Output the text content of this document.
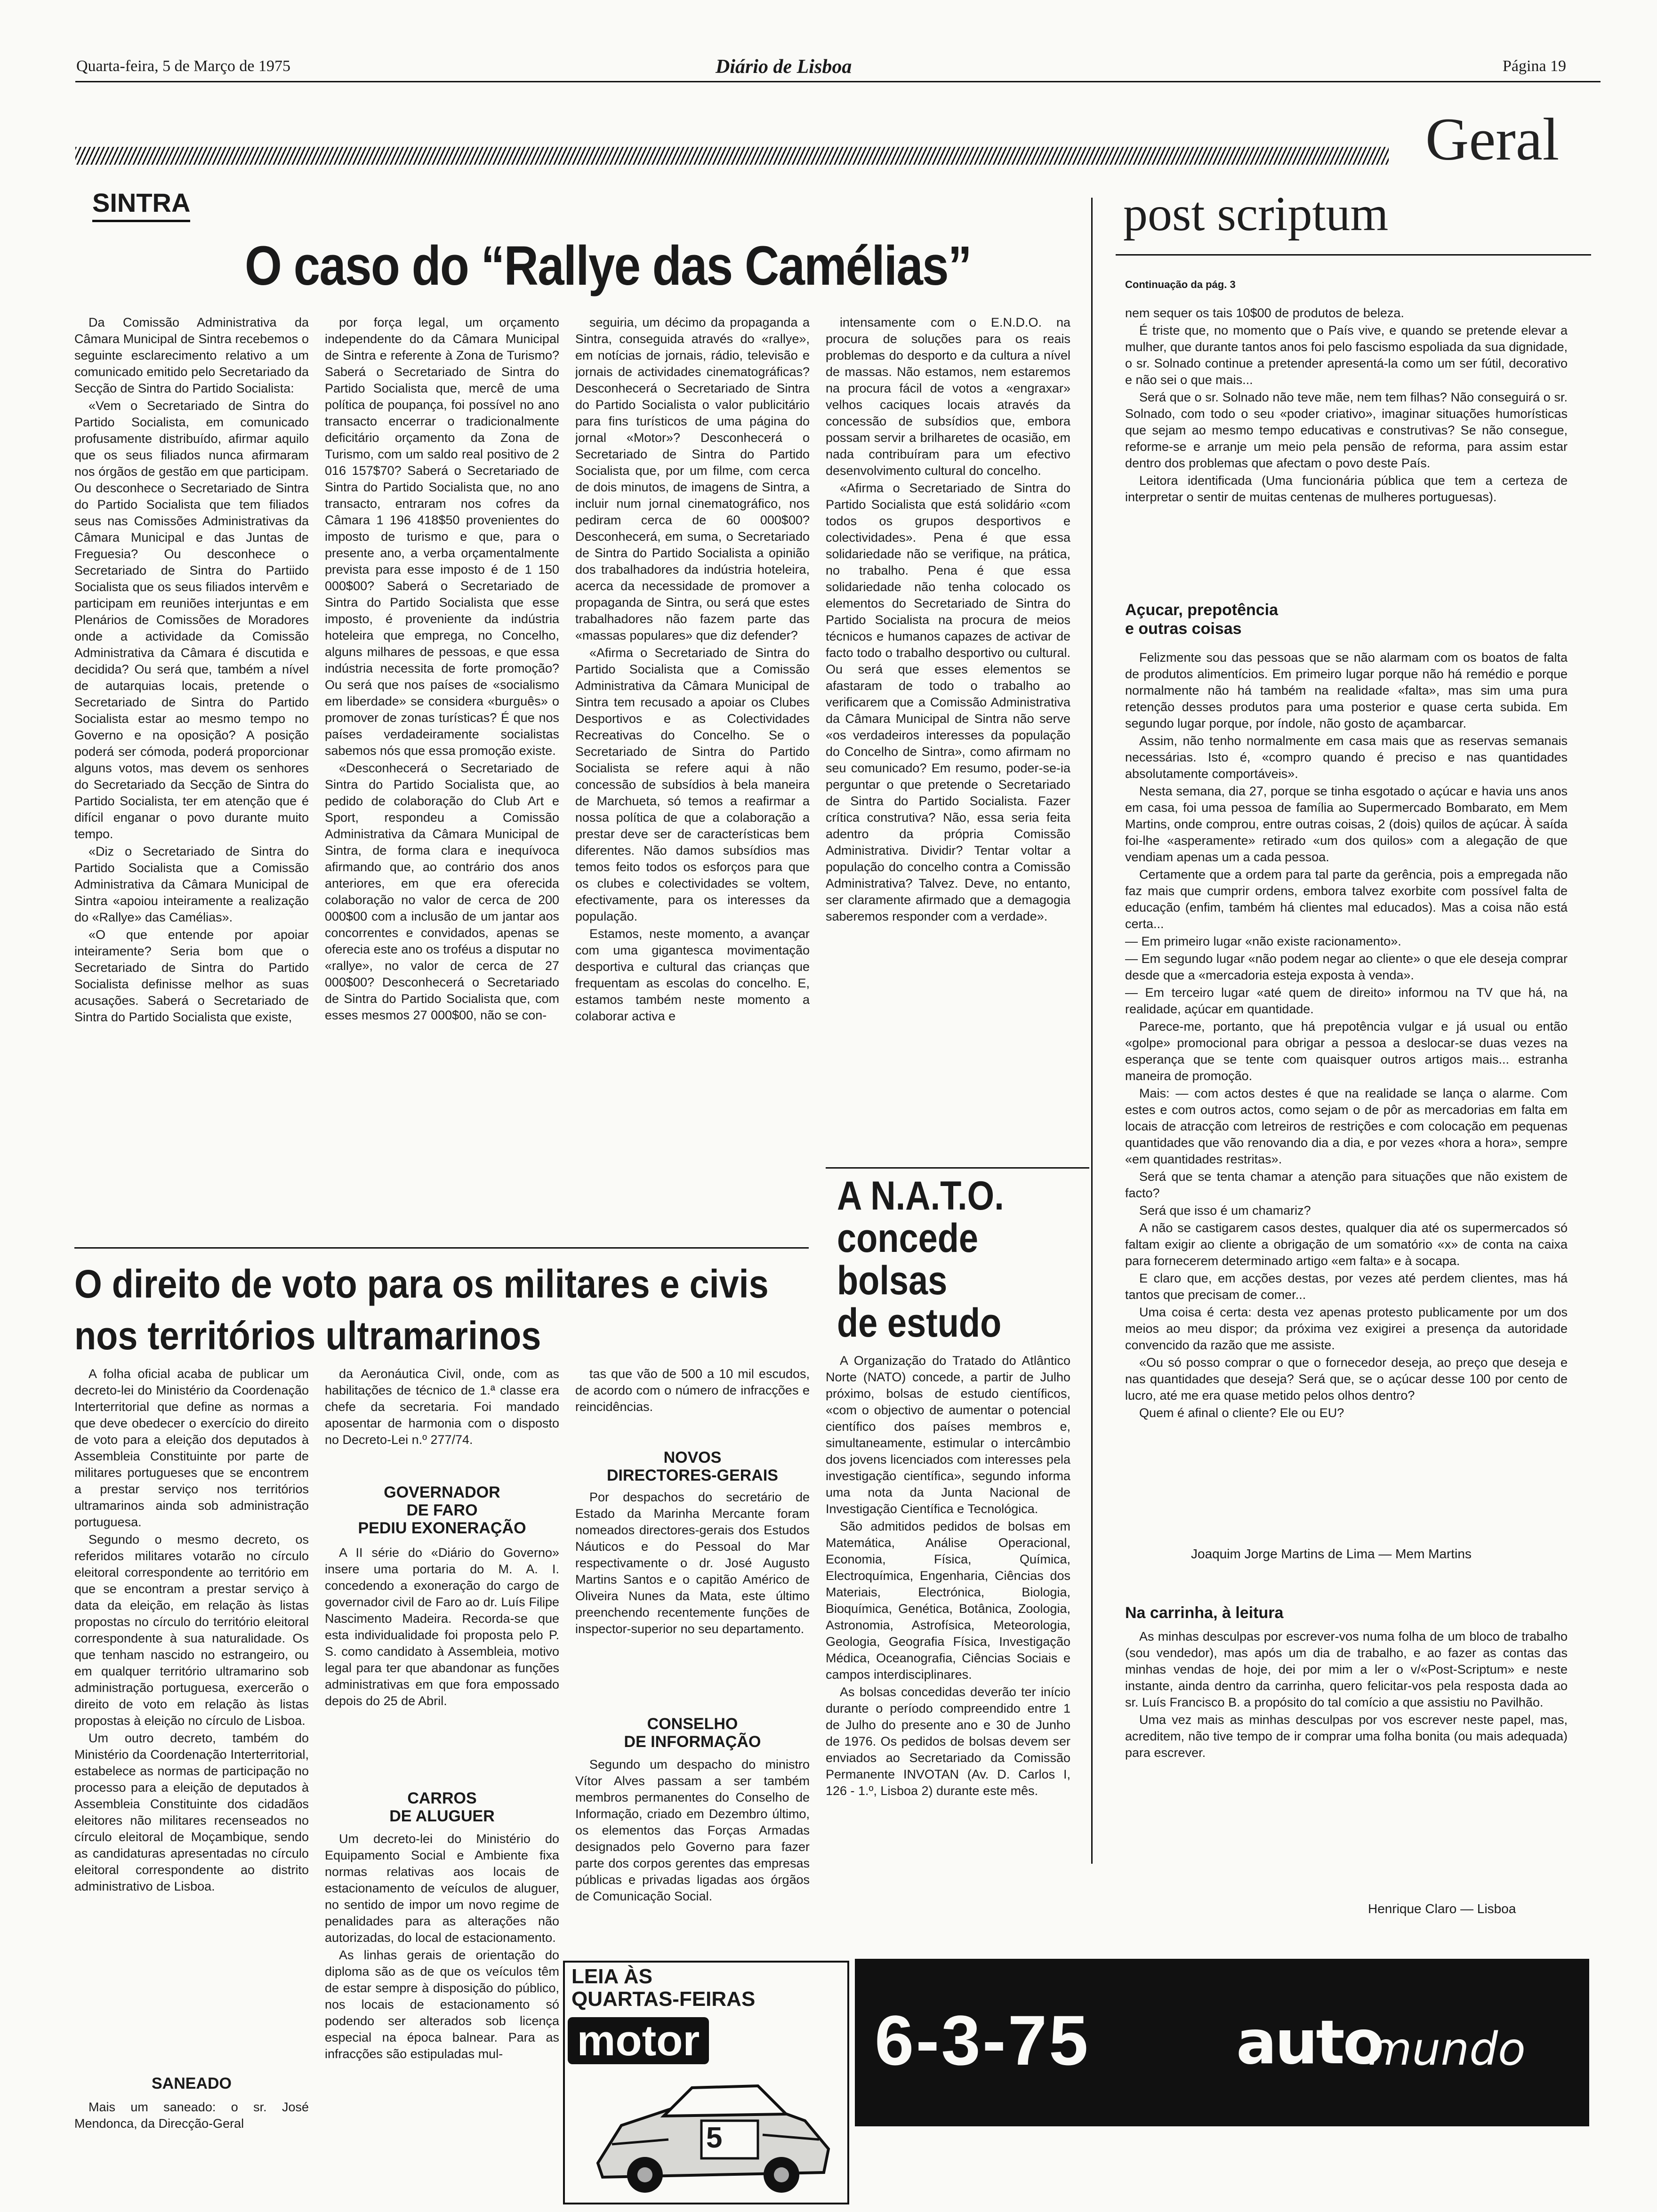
Quarta-feira, 5 de Março de 1975	Diário de Lisboa	Página 19
Geral
SINTRA
O caso do “Rallye das Camélias”

Da Comissão Administrativa da Câmara Municipal de Sintra recebemos o seguinte esclarecimento relativo a um comunicado emitido pelo Secretariado da Secção de Sintra do Partido Socialista:

«Vem o Secretariado de Sintra do Partido Socialista, em comunicado profusamente distribuído, afirmar aquilo que os seus filiados nunca afirmaram nos órgãos de gestão em que participam. Ou desconhece o Secretariado de Sintra do Partido Socialista que tem filiados seus nas Comissões Administrativas da Câmara Municipal e das Juntas de Freguesia? Ou desconhece o Secretariado de Sintra do Partiido Socialista que os seus filiados intervêm e participam em reuniões interjuntas e em Plenários de Comissões de Moradores onde a actividade da Comissão Administrativa da Câmara é discutida e decidida? Ou será que, também a nível de autarquias locais, pretende o Secretariado de Sintra do Partido Socialista estar ao mesmo tempo no Governo e na oposição? A posição poderá ser cómoda, poderá proporcionar alguns votos, mas devem os senhores do Secretariado da Secção de Sintra do Partido Socialista, ter em atenção que é difícil enganar o povo durante muito tempo.

«Diz o Secretariado de Sintra do Partido Socialista que a Comissão Administrativa da Câmara Municipal de Sintra «apoiou inteiramente a realização do «Rallye» das Camélias».

«O que entende por apoiar inteiramente? Seria bom que o Secretariado de Sintra do Partido Socialista definisse melhor as suas acusações. Saberá o Secretariado de Sintra do Partido Socialista que existe,

por força legal, um orçamento independente do da Câmara Municipal de Sintra e referente à Zona de Turismo? Saberá o Secretariado de Sintra do Partido Socialista que, mercê de uma política de poupança, foi possível no ano transacto encerrar o tradicionalmente deficitário orçamento da Zona de Turismo, com um saldo real positivo de 2 016 157$70? Saberá o Secretariado de Sintra do Partido Socialista que, no ano transacto, entraram nos cofres da Câmara 1 196 418$50 provenientes do imposto de turismo e que, para o presente ano, a verba orçamentalmente prevista para esse imposto é de 1 150 000$00? Saberá o Secretariado de Sintra do Partido Socialista que esse imposto, é proveniente da indústria hoteleira que emprega, no Concelho, alguns milhares de pessoas, e que essa indústria necessita de forte promoção? Ou será que nos países de «socialismo em liberdade» se considera «burguês» o promover de zonas turísticas? É que nos países verdadeiramente socialistas sabemos nós que essa promoção existe.

«Desconhecerá o Secretariado de Sintra do Partido Socialista que, ao pedido de colaboração do Club Art e Sport, respondeu a Comissão Administrativa da Câmara Municipal de Sintra, de forma clara e inequívoca afirmando que, ao contrário dos anos anteriores, em que era oferecida colaboração no valor de cerca de 200 000$00 com a inclusão de um jantar aos concorrentes e convidados, apenas se oferecia este ano os troféus a disputar no «rallye», no valor de cerca de 27 000$00? Desconhecerá o Secretariado de Sintra do Partido Socialista que, com esses mesmos 27 000$00, não se con-

seguiria, um décimo da propaganda a Sintra, conseguida através do «rallye», em notícias de jornais, rádio, televisão e jornais de actividades cinematográficas? Desconhecerá o Secretariado de Sintra do Partido Socialista o valor publicitário para fins turísticos de uma página do jornal «Motor»? Desconhecerá o Secretariado de Sintra do Partido Socialista que, por um filme, com cerca de dois minutos, de imagens de Sintra, a incluir num jornal cinematográfico, nos pediram cerca de 60 000$00? Desconhecerá, em suma, o Secretariado de Sintra do Partido Socialista a opinião dos trabalhadores da indústria hoteleira, acerca da necessidade de promover a propaganda de Sintra, ou será que estes trabalhadores não fazem parte das «massas populares» que diz defender?

«Afirma o Secretariado de Sintra do Partido Socialista que a Comissão Administrativa da Câmara Municipal de Sintra tem recusado a apoiar os Clubes Desportivos e as Colectividades Recreativas do Concelho. Se o Secretariado de Sintra do Partido Socialista se refere aqui à não concessão de subsídios à bela maneira de Marchueta, só temos a reafirmar a nossa política de que a colaboração a prestar deve ser de características bem diferentes. Não damos subsídios mas temos feito todos os esforços para que os clubes e colectividades se voltem, efectivamente, para os interesses da população.

Estamos, neste momento, a avançar com uma gigantesca movimentação desportiva e cultural das crianças que frequentam as escolas do concelho. E, estamos também neste momento a colaborar activa e

intensamente com o E.N.D.O. na procura de soluções para os reais problemas do desporto e da cultura a nível de massas. Não estamos, nem estaremos na procura fácil de votos a «engraxar» velhos caciques locais através da concessão de subsídios que, embora possam servir a brilharetes de ocasião, em nada contribuíram para um efectivo desenvolvimento cultural do concelho.

«Afirma o Secretariado de Sintra do Partido Socialista que está solidário «com todos os grupos desportivos e colectividades». Pena é que essa solidariedade não se verifique, na prática, no trabalho. Pena é que essa solidariedade não tenha colocado os elementos do Secretariado de Sintra do Partido Socialista na procura de meios técnicos e humanos capazes de activar de facto todo o trabalho desportivo ou cultural. Ou será que esses elementos se afastaram de todo o trabalho ao verificarem que a Comissão Administrativa da Câmara Municipal de Sintra não serve «os verdadeiros interesses da população do Concelho de Sintra», como afirmam no seu comunicado? Em resumo, poder-se-ia perguntar o que pretende o Secretariado de Sintra do Partido Socialista. Fazer crítica construtiva? Não, essa seria feita adentro da própria Comissão Administrativa. Dividir? Tentar voltar a população do concelho contra a Comissão Administrativa? Talvez. Deve, no entanto, ser claramente afirmado que a demagogia saberemos responder com a verdade».

O direito de voto para os militares e civis
nos territórios ultramarinos

A folha oficial acaba de publicar um decreto-lei do Ministério da Coordenação Interterritorial que define as normas a que deve obedecer o exercício do direito de voto para a eleição dos deputados à Assembleia Constituinte por parte de militares portugueses que se encontrem a prestar serviço nos territórios ultramarinos ainda sob administração portuguesa.

Segundo o mesmo decreto, os referidos militares votarão no círculo eleitoral correspondente ao território em que se encontram a prestar serviço à data da eleição, em relação às listas propostas no círculo do território eleitoral correspondente à sua naturalidade. Os que tenham nascido no estrangeiro, ou em qualquer território ultramarino sob administração portuguesa, exercerão o direito de voto em relação às listas propostas à eleição no círculo de Lisboa.

Um outro decreto, também do Ministério da Coordenação Interterritorial, estabelece as normas de participação no processo para a eleição de deputados à Assembleia Constituinte dos cidadãos eleitores não militares recenseados no círculo eleitoral de Moçambique, sendo as candidaturas apresentadas no círculo eleitoral correspondente ao distrito administrativo de Lisboa.

SANEADO

Mais um saneado: o sr. José Mendonca, da Direcção-Geral

da Aeronáutica Civil, onde, com as habilitações de técnico de 1.ª classe era chefe da secretaria. Foi mandado aposentar de harmonia com o disposto no Decreto-Lei n.º 277/74.

GOVERNADOR
DE FARO
PEDIU EXONERAÇÃO

A II série do «Diário do Governo» insere uma portaria do M. A. I. concedendo a exoneração do cargo de governador civil de Faro ao dr. Luís Filipe Nascimento Madeira. Recorda-se que esta individualidade foi proposta pelo P. S. como candidato à Assembleia, motivo legal para ter que abandonar as funções administrativas em que fora empossado depois do 25 de Abril.

CARROS
DE ALUGUER

Um decreto-lei do Ministério do Equipamento Social e Ambiente fixa normas relativas aos locais de estacionamento de veículos de aluguer, no sentido de impor um novo regime de penalidades para as alterações não autorizadas, do local de estacionamento.

As linhas gerais de orientação do diploma são as de que os veículos têm de estar sempre à disposição do público, nos locais de estacionamento só podendo ser alterados sob licença especial na época balnear. Para as infracções são estipuladas mul-

tas que vão de 500 a 10 mil escudos, de acordo com o número de infracções e reincidências.

NOVOS
DIRECTORES-GERAIS

Por despachos do secretário de Estado da Marinha Mercante foram nomeados directores-gerais dos Estudos Náuticos e do Pessoal do Mar respectivamente o dr. José Augusto Martins Santos e o capitão Américo de Oliveira Nunes da Mata, este último preenchendo recentemente funções de inspector-superior no seu departamento.

CONSELHO
DE INFORMAÇÃO

Segundo um despacho do ministro Vítor Alves passam a ser também membros permanentes do Conselho de Informação, criado em Dezembro último, os elementos das Forças Armadas designados pelo Governo para fazer parte dos corpos gerentes das empresas públicas e privadas ligadas aos órgãos de Comunicação Social.

A N.A.T.O.
concede
bolsas
de estudo

A Organização do Tratado do Atlântico Norte (NATO) concede, a partir de Julho próximo, bolsas de estudo científicos, «com o objectivo de aumentar o potencial científico dos países membros e, simultaneamente, estimular o intercâmbio dos jovens licenciados com interesses pela investigação científica», segundo informa uma nota da Junta Nacional de Investigação Científica e Tecnológica.

São admitidos pedidos de bolsas em Matemática, Análise Operacional, Economia, Física, Química, Electroquímica, Engenharia, Ciências dos Materiais, Electrónica, Biologia, Bioquímica, Genética, Botânica, Zoologia, Astronomia, Astrofísica, Meteorologia, Geologia, Geografia Física, Investigação Médica, Oceanografia, Ciências Sociais e campos interdisciplinares.

As bolsas concedidas deverão ter início durante o período compreendido entre 1 de Julho do presente ano e 30 de Junho de 1976. Os pedidos de bolsas devem ser enviados ao Secretariado da Comissão Permanente INVOTAN (Av. D. Carlos I, 126 - 1.º, Lisboa 2) durante este mês.

post scriptum
Continuação da pág. 3

nem sequer os tais 10$00 de produtos de beleza.

É triste que, no momento que o País vive, e quando se pretende elevar a mulher, que durante tantos anos foi pelo fascismo espoliada da sua dignidade, o sr. Solnado continue a pretender apresentá-la como um ser fútil, decorativo e não sei o que mais...

Será que o sr. Solnado não teve mãe, nem tem filhas? Não conseguirá o sr. Solnado, com todo o seu «poder criativo», imaginar situações humorísticas que sejam ao mesmo tempo educativas e construtivas? Se não consegue, reforme-se e arranje um meio pela pensão de reforma, para assim estar dentro dos problemas que afectam o povo deste País.

Leitora identificada (Uma funcionária pública que tem a certeza de interpretar o sentir de muitas centenas de mulheres portuguesas).

Açucar, prepotência
e outras coisas

Felizmente sou das pessoas que se não alarmam com os boatos de falta de produtos alimentícios. Em primeiro lugar porque não há remédio e porque normalmente não há também na realidade «falta», mas sim uma pura retenção desses produtos para uma posterior e quase certa subida. Em segundo lugar porque, por índole, não gosto de açambarcar.

Assim, não tenho normalmente em casa mais que as reservas semanais necessárias. Isto é, «compro quando é preciso e nas quantidades absolutamente comportáveis».

Nesta semana, dia 27, porque se tinha esgotado o açúcar e havia uns anos em casa, foi uma pessoa de família ao Supermercado Bombarato, em Mem Martins, onde comprou, entre outras coisas, 2 (dois) quilos de açúcar. À saída foi-lhe «asperamente» retirado «um dos quilos» com a alegação de que vendiam apenas um a cada pessoa.

Certamente que a ordem para tal parte da gerência, pois a empregada não faz mais que cumprir ordens, embora talvez exorbite com possível falta de educação (enfim, também há clientes mal educados). Mas a coisa não está certa...

— Em primeiro lugar «não existe racionamento».

— Em segundo lugar «não podem negar ao cliente» o que ele deseja comprar desde que a «mercadoria esteja exposta à venda».

— Em terceiro lugar «até quem de direito» informou na TV que há, na realidade, açúcar em quantidade.

Parece-me, portanto, que há prepotência vulgar e já usual ou então «golpe» promocional para obrigar a pessoa a deslocar-se duas vezes na esperança que se tente com quaisquer outros artigos mais... estranha maneira de promoção.

Mais: — com actos destes é que na realidade se lança o alarme. Com estes e com outros actos, como sejam o de pôr as mercadorias em falta em locais de atracção com letreiros de restrições e com colocação em pequenas quantidades que vão renovando dia a dia, e por vezes «hora a hora», sempre «em quantidades restritas».

Será que se tenta chamar a atenção para situações que não existem de facto?

Será que isso é um chamariz?

A não se castigarem casos destes, qualquer dia até os supermercados só faltam exigir ao cliente a obrigação de um somatório «x» de conta na caixa para fornecerem determinado artigo «em falta» e à socapa.

E claro que, em acções destas, por vezes até perdem clientes, mas há tantos que precisam de comer...

Uma coisa é certa: desta vez apenas protesto publicamente por um dos meios ao meu dispor; da próxima vez exigirei a presença da autoridade convencido da razão que me assiste.

«Ou só posso comprar o que o fornecedor deseja, ao preço que deseja e nas quantidades que deseja? Será que, se o açúcar desse 100 por cento de lucro, até me era quase metido pelos olhos dentro?

Quem é afinal o cliente? Ele ou EU?

Joaquim Jorge Martins de Lima — Mem Martins
Na carrinha, à leitura

As minhas desculpas por escrever-vos numa folha de um bloco de trabalho (sou vendedor), mas após um dia de trabalho, e ao fazer as contas das minhas vendas de hoje, dei por mim a ler o v/«Post-Scriptum» e neste instante, ainda dentro da carrinha, quero felicitar-vos pela resposta dada ao sr. Luís Francisco B. a propósito do tal comício a que assistiu no Pavilhão.

Uma vez mais as minhas desculpas por vos escrever neste papel, mas, acreditem, não tive tempo de ir comprar uma folha bonita (ou mais adequada) para escrever.

Henrique Claro — Lisboa
LEIA ÀS
QUARTAS-FEIRAS
motor
5
6-3-75 auto
mundo
